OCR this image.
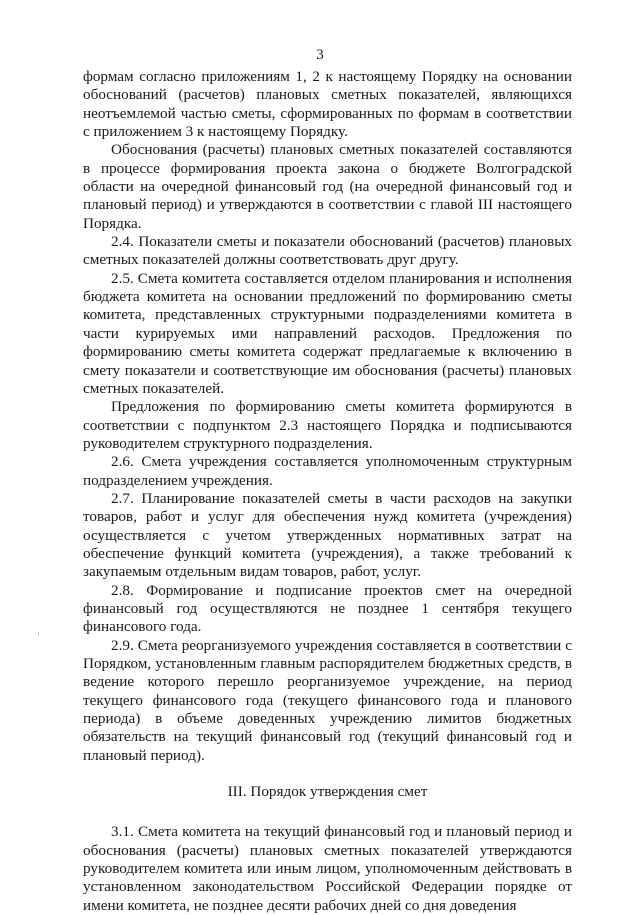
3

формам согласно приложениям 1, 2 к настоящему Порядку на основании обоснований (расчетов) плановых сметных показателей, являющихся неотъемлемой частью сметы, сформированных по формам в соответствии с приложением 3 к настоящему Порядку.

Обоснования (расчеты) плановых сметных показателей составляются в процессе формирования проекта закона о бюджете Волгоградской области на очередной финансовый год (на очередной финансовый год и плановый период) и утверждаются в соответствии с главой III настоящего Порядка.

2.4. Показатели сметы и показатели обоснований (расчетов) плановых сметных показателей должны соответствовать друг другу.

2.5. Смета комитета составляется отделом планирования и исполнения бюджета комитета на основании предложений по формированию сметы комитета, представленных структурными подразделениями комитета в части курируемых ими направлений расходов. Предложения по формированию сметы комитета содержат предлагаемые к включению в смету показатели и соответствующие им обоснования (расчеты) плановых сметных показателей.

Предложения по формированию сметы комитета формируются в соответствии с подпунктом 2.3 настоящего Порядка и подписываются руководителем структурного подразделения.

2.6. Смета учреждения составляется уполномоченным структурным подразделением учреждения.

2.7. Планирование показателей сметы в части расходов на закупки товаров, работ и услуг для обеспечения нужд комитета (учреждения) осуществляется с учетом утвержденных нормативных затрат на обеспечение функций комитета (учреждения), а также требований к закупаемым отдельным видам товаров, работ, услуг.

2.8. Формирование и подписание проектов смет на очередной финансовый год осуществляются не позднее 1 сентября текущего финансового года.

2.9. Смета реорганизуемого учреждения составляется в соответствии с Порядком, установленным главным распорядителем бюджетных средств, в ведение которого перешло реорганизуемое учреждение, на период текущего финансового года (текущего финансового года и планового периода) в объеме доведенных учреждению лимитов бюджетных обязательств на текущий финансовый год (текущий финансовый год и плановый период).

III. Порядок утверждения смет

3.1. Смета комитета на текущий финансовый год и плановый период и обоснования (расчеты) плановых сметных показателей утверждаются руководителем комитета или иным лицом, уполномоченным действовать в установленном законодательством Российской Федерации порядке от имени комитета, не позднее десяти рабочих дней со дня доведения
